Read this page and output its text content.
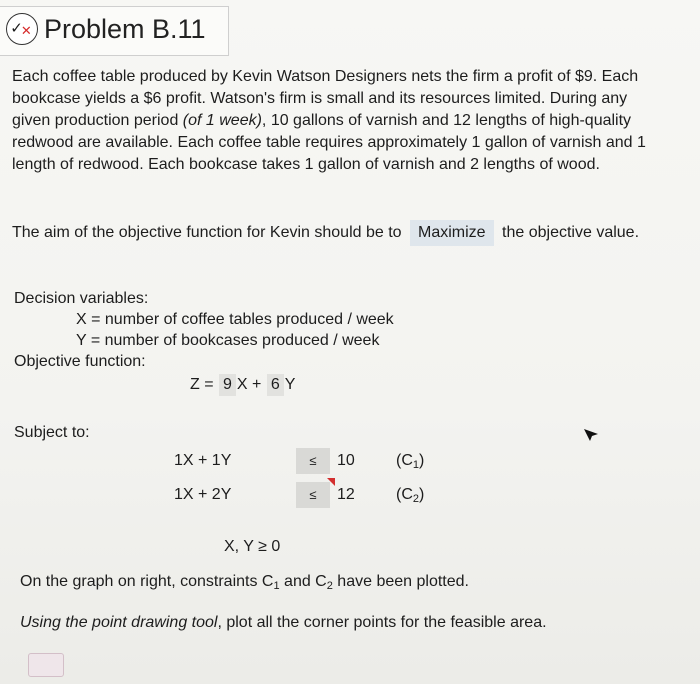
✓✕ Problem B.11
Each coffee table produced by Kevin Watson Designers nets the firm a profit of $9. Each bookcase yields a $6 profit. Watson's firm is small and its resources limited. During any given production period (of 1 week), 10 gallons of varnish and 12 lengths of high-quality redwood are available. Each coffee table requires approximately 1 gallon of varnish and 1 length of redwood. Each bookcase takes 1 gallon of varnish and 2 lengths of wood.
The aim of the objective function for Kevin should be to Maximize the objective value.
Decision variables:
X = number of coffee tables produced / week
Y = number of bookcases produced / week
Objective function:
Z = 9 X + 6 Y
Subject to:
1X + 1Y	≤	10	$(C_1)$
1X + 2Y	≤	12	$(C_2)$
X, Y ≥ 0
On the graph on right, constraints $C_1$ and $C_2$ have been plotted.
Using the point drawing tool, plot all the corner points for the feasible area.
